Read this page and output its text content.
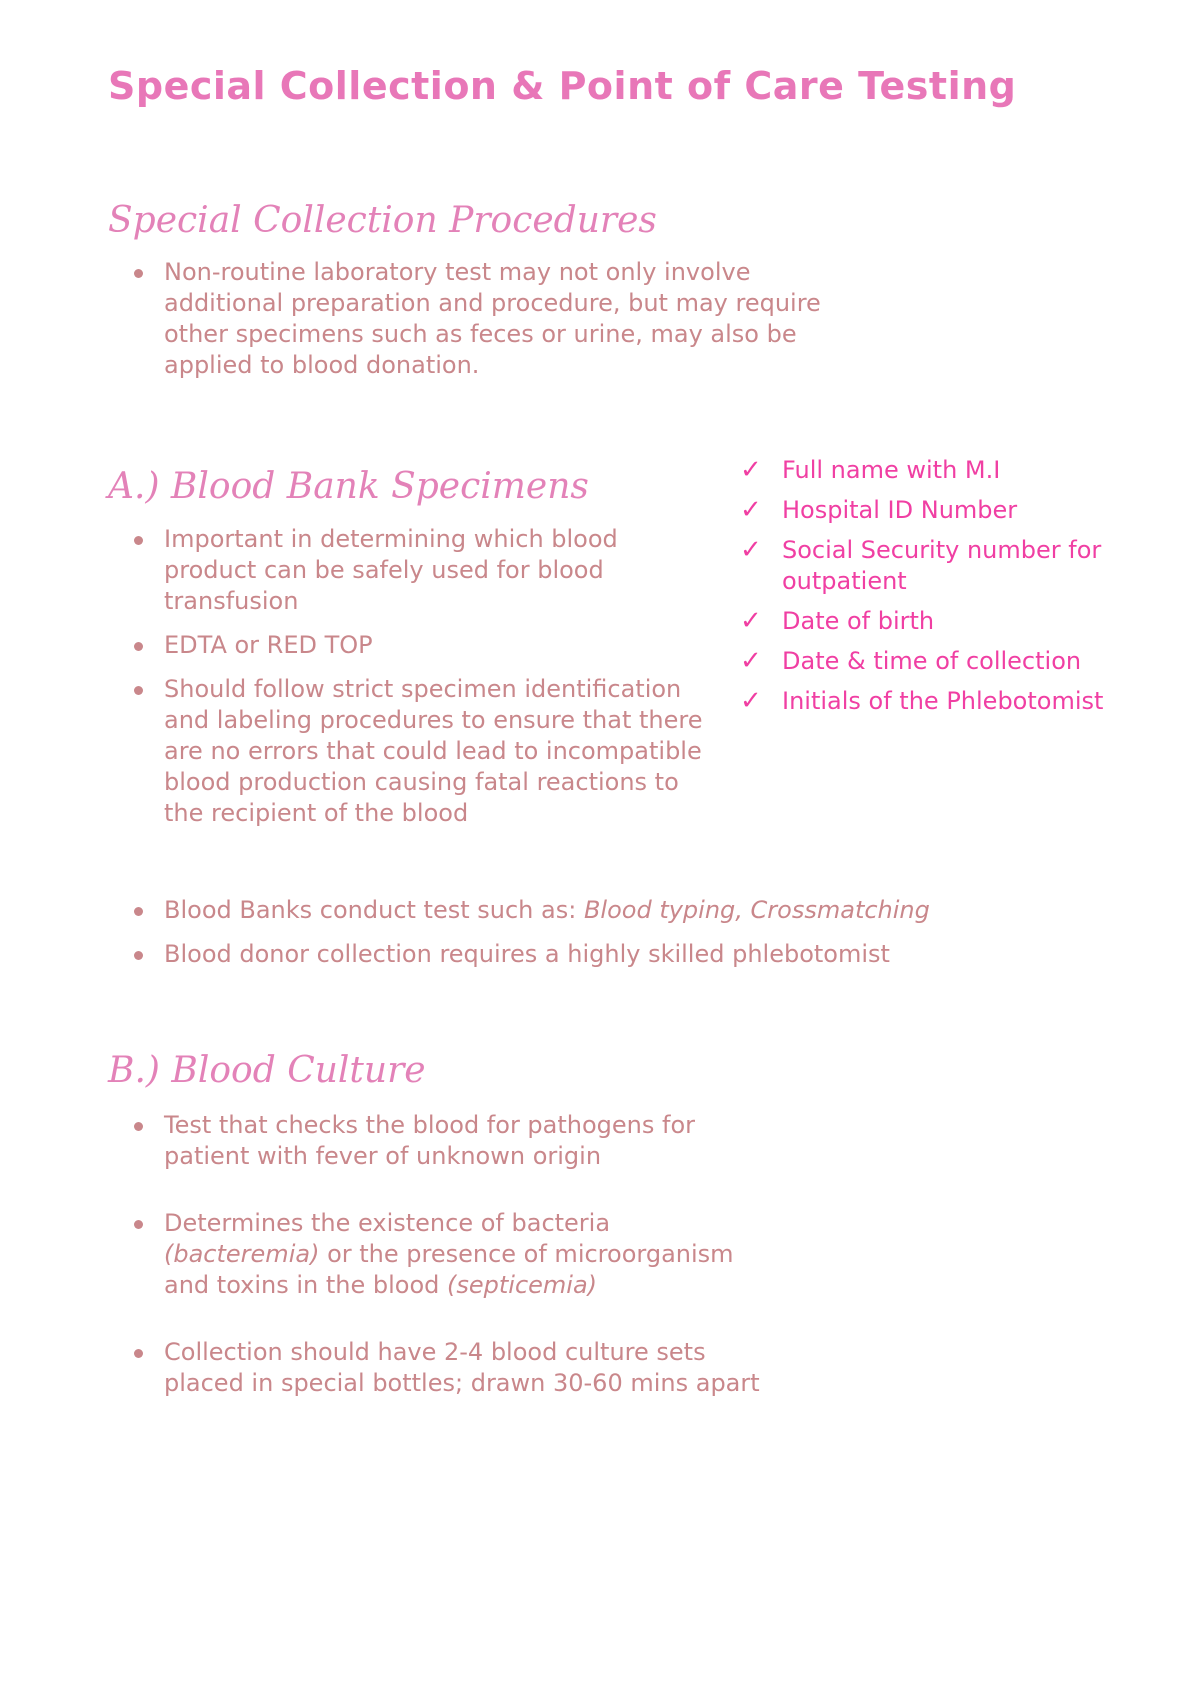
Special Collection & Point of Care Testing
Special Collection Procedures
Non-routine laboratory test may not only involve additional preparation and procedure, but may require other specimens such as feces or urine, may also be applied to blood donation.
A.) Blood Bank Specimens
Important in determining which blood product can be safely used for blood transfusion
EDTA or RED TOP
Should follow strict specimen identification and labeling procedures to ensure that there are no errors that could lead to incompatible blood production causing fatal reactions to the recipient of the blood
✓ Full name with M.I
✓ Hospital ID Number
✓ Social Security number for outpatient
✓ Date of birth
✓ Date & time of collection
✓ Initials of the Phlebotomist
Blood Banks conduct test such as: Blood typing, Crossmatching
Blood donor collection requires a highly skilled phlebotomist
B.) Blood Culture
Test that checks the blood for pathogens for patient with fever of unknown origin
Determines the existence of bacteria (bacteremia) or the presence of microorganism and toxins in the blood (septicemia)
Collection should have 2-4 blood culture sets placed in special bottles; drawn 30-60 mins apart
